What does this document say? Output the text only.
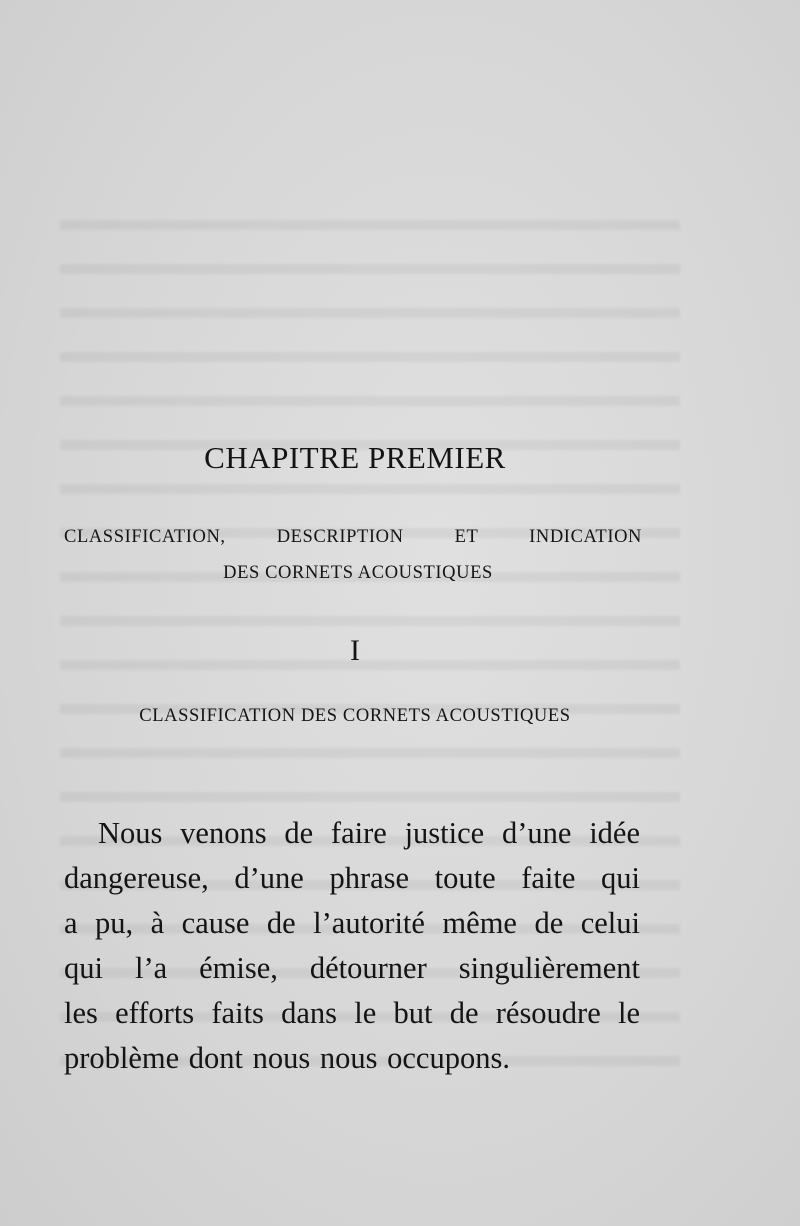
CHAPITRE PREMIER
CLASSIFICATION, DESCRIPTION ET INDICATION
DES CORNETS ACOUSTIQUES
I
CLASSIFICATION DES CORNETS ACOUSTIQUES

Nous venons de faire justice d’une idée
dangereuse, d’une phrase toute faite qui
a pu, à cause de l’autorité même de celui
qui l’a émise, détourner singulièrement
les efforts faits dans le but de résoudre le
problème dont nous nous occupons.
